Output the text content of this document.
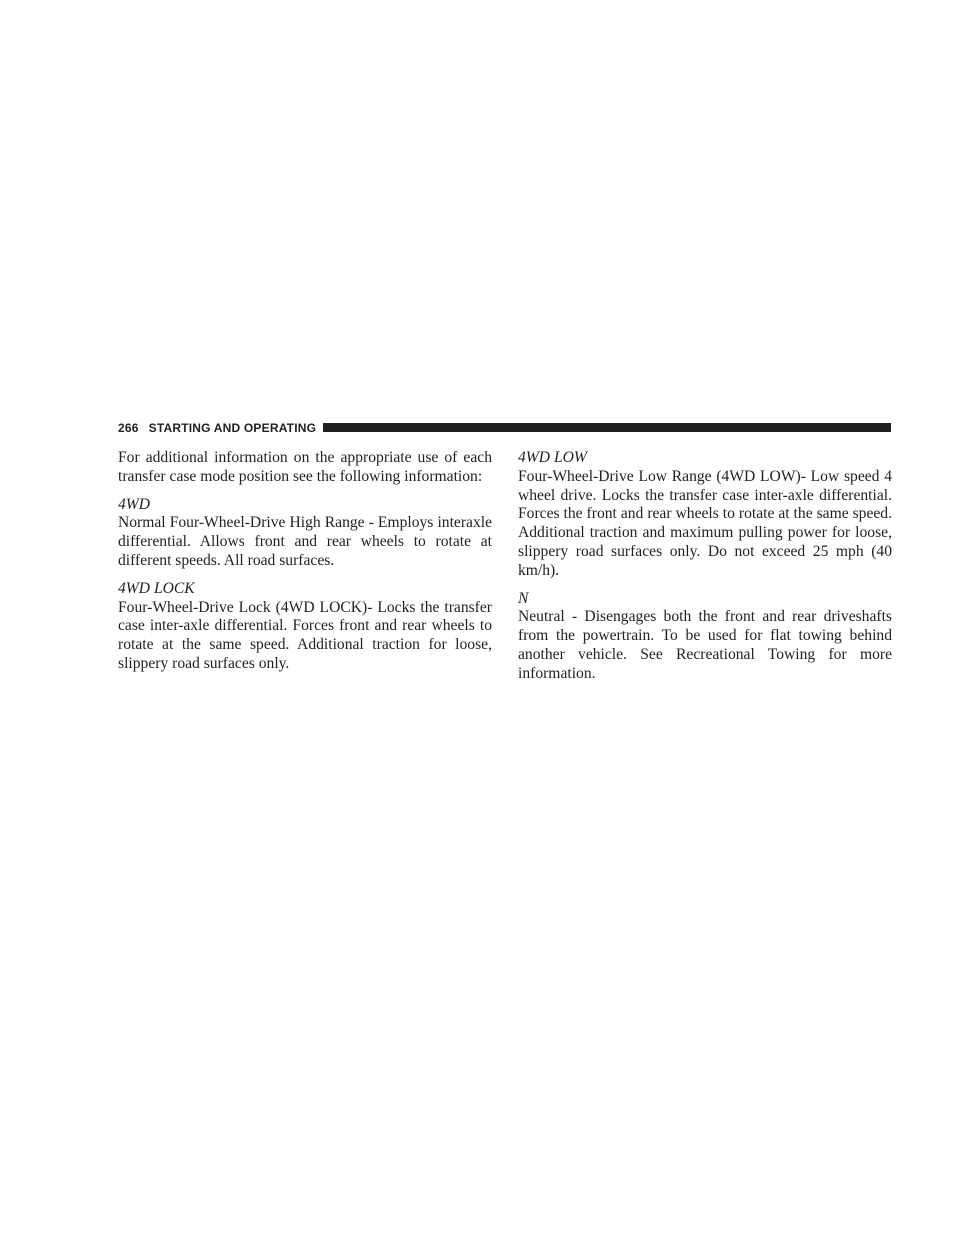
266 STARTING AND OPERATING

For additional information on the appropriate use of each transfer case mode position see the following information:

4WD

Normal Four-Wheel-Drive High Range - Employs interaxle differential. Allows front and rear wheels to rotate at different speeds. All road surfaces.

4WD LOCK

Four-Wheel-Drive Lock (4WD LOCK)- Locks the transfer case inter-axle differential. Forces front and rear wheels to rotate at the same speed. Additional traction for loose, slippery road surfaces only.

4WD LOW

Four-Wheel-Drive Low Range (4WD LOW)- Low speed 4 wheel drive. Locks the transfer case inter-axle differential. Forces the front and rear wheels to rotate at the same speed. Additional traction and maximum pulling power for loose, slippery road surfaces only. Do not exceed 25 mph (40 km/h).

N

Neutral - Disengages both the front and rear driveshafts from the powertrain. To be used for flat towing behind another vehicle. See Recreational Towing for more information.
